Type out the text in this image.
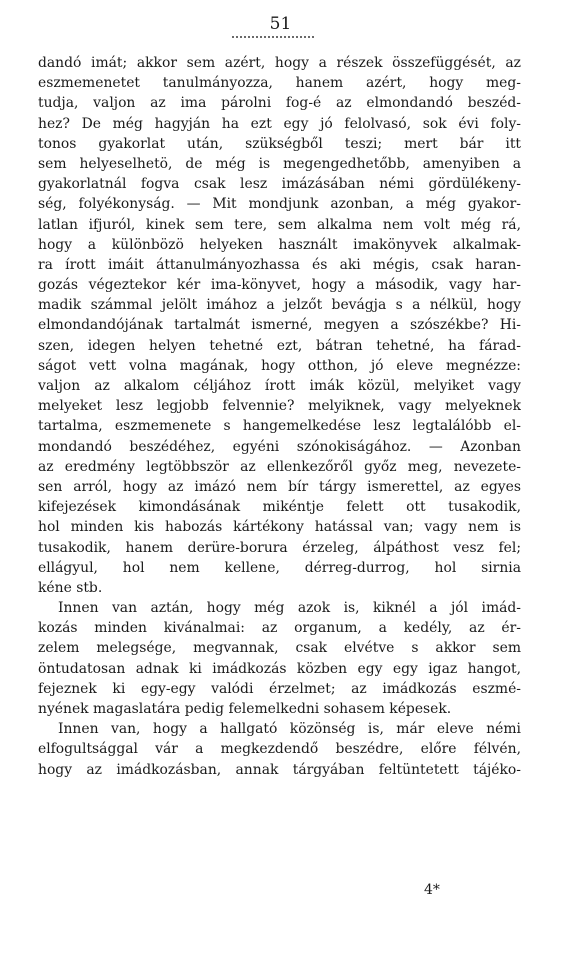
51
dandó imát; akkor sem azért, hogy a részek összefüggését, az
eszmemenetet tanulmányozza, hanem azért, hogy meg-
tudja, valjon az ima párolni fog-é az elmondandó beszéd-
hez? De még hagyján ha ezt egy jó felolvasó, sok évi foly-
tonos gyakorlat után, szükségből teszi; mert bár itt
sem helyeselhetö, de még is megengedhetőbb, amenyiben a
gyakorlatnál fogva csak lesz imázásában némi gördülékeny-
ség, folyékonyság. — Mit mondjunk azonban, a még gyakor-
latlan ifjuról, kinek sem tere, sem alkalma nem volt még rá,
hogy a különbözö helyeken használt imakönyvek alkalmak-
ra írott imáit áttanulmányozhassa és aki mégis, csak haran-
gozás végeztekor kér ima-könyvet, hogy a második, vagy har-
madik számmal jelölt imához a jelzőt bevágja s a nélkül, hogy
elmondandójának tartalmát ismerné, megyen a szószékbe? Hi-
szen, idegen helyen tehetné ezt, bátran tehetné, ha fárad-
ságot vett volna magának, hogy otthon, jó eleve megnézze:
valjon az alkalom céljához írott imák közül, melyiket vagy
melyeket lesz legjobb felvennie? melyiknek, vagy melyeknek
tartalma, eszmemenete s hangemelkedése lesz legtalálóbb el-
mondandó beszédéhez, egyéni szónokiságához. — Azonban
az eredmény legtöbbször az ellenkezőről győz meg, nevezete-
sen arról, hogy az imázó nem bír tárgy ismerettel, az egyes
kifejezések kimondásának mikéntje felett ott tusakodik,
hol minden kis habozás kártékony hatással van; vagy nem is
tusakodik, hanem derüre-borura érzeleg, álpáthost vesz fel;
ellágyul, hol nem kellene, dérreg-durrog, hol sirnia
kéne stb.
Innen van aztán, hogy még azok is, kiknél a jól imád-
kozás minden kivánalmai: az organum, a kedély, az ér-
zelem melegsége, megvannak, csak elvétve s akkor sem
öntudatosan adnak ki imádkozás közben egy egy igaz hangot,
fejeznek ki egy-egy valódi érzelmet; az imádkozás eszmé-
nyének magaslatára pedig felemelkedni sohasem képesek.
Innen van, hogy a hallgató közönség is, már eleve némi
elfogultsággal vár a megkezdendő beszédre, előre félvén,
hogy az imádkozásban, annak tárgyában feltüntetett tájéko-
4*
